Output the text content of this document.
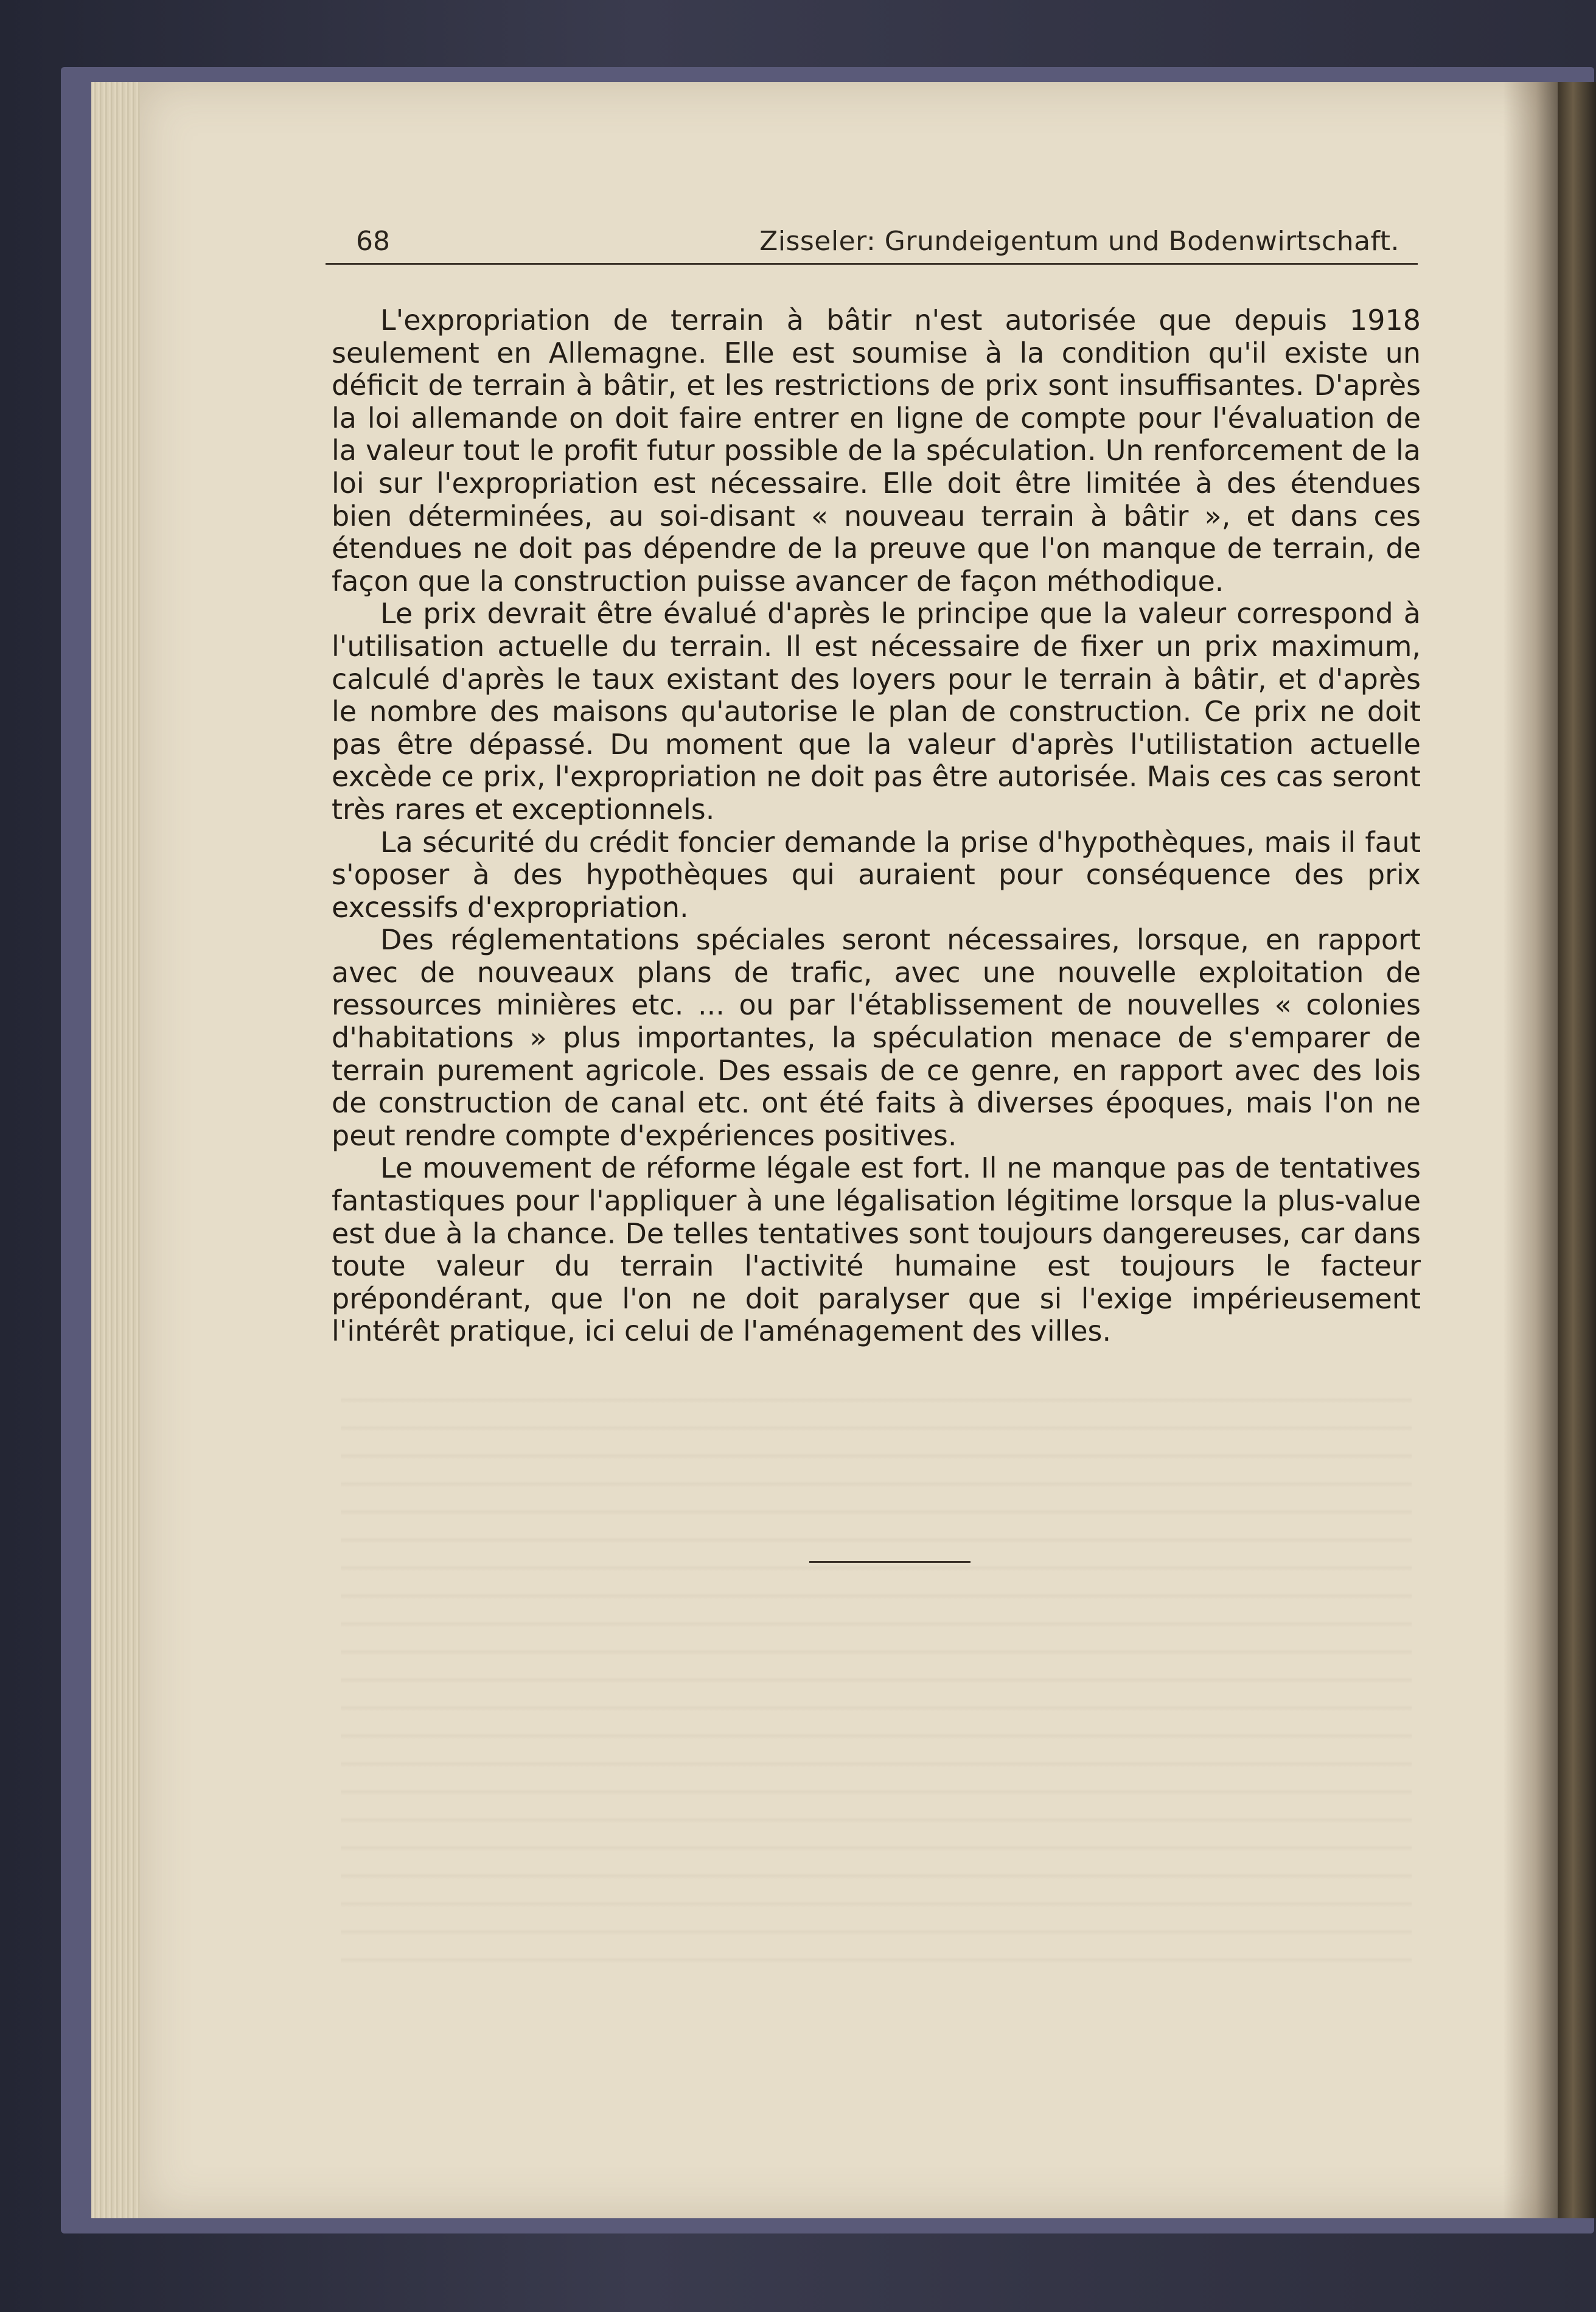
68	Zisseler: Grundeigentum und Bodenwirtschaft.

L'expropriation de terrain à bâtir n'est autorisée que depuis 1918 seulement en Allemagne. Elle est soumise à la condition qu'il existe un déficit de terrain à bâtir, et les restrictions de prix sont insuffisantes. D'après la loi allemande on doit faire entrer en ligne de compte pour l'évaluation de la valeur tout le profit futur possible de la spéculation. Un renforcement de la loi sur l'expropriation est nécessaire. Elle doit être limitée à des étendues bien déterminées, au soi-disant « nouveau terrain à bâtir », et dans ces étendues ne doit pas dépendre de la preuve que l'on manque de terrain, de façon que la construction puisse avancer de façon méthodique.

Le prix devrait être évalué d'après le principe que la valeur correspond à l'utilisation actuelle du terrain. Il est nécessaire de fixer un prix maximum, calculé d'après le taux existant des loyers pour le terrain à bâtir, et d'après le nombre des maisons qu'autorise le plan de construction. Ce prix ne doit pas être dépassé. Du moment que la valeur d'après l'utilistation actuelle excède ce prix, l'expropriation ne doit pas être autorisée. Mais ces cas seront très rares et exceptionnels.

La sécurité du crédit foncier demande la prise d'hypothèques, mais il faut s'oposer à des hypothèques qui auraient pour conséquence des prix excessifs d'expropriation.

Des réglementations spéciales seront nécessaires, lorsque, en rapport avec de nouveaux plans de trafic, avec une nouvelle exploitation de ressources minières etc. ... ou par l'établissement de nouvelles « colonies d'habitations » plus importantes, la spéculation menace de s'emparer de terrain purement agricole. Des essais de ce genre, en rapport avec des lois de construction de canal etc. ont été faits à diverses époques, mais l'on ne peut rendre compte d'expériences positives.

Le mouvement de réforme légale est fort. Il ne manque pas de tentatives fantastiques pour l'appliquer à une légalisation légitime lorsque la plus-value est due à la chance. De telles tentatives sont toujours dangereuses, car dans toute valeur du terrain l'activité humaine est toujours le facteur prépondérant, que l'on ne doit paralyser que si l'exige impérieusement l'intérêt pratique, ici celui de l'aménagement des villes.
